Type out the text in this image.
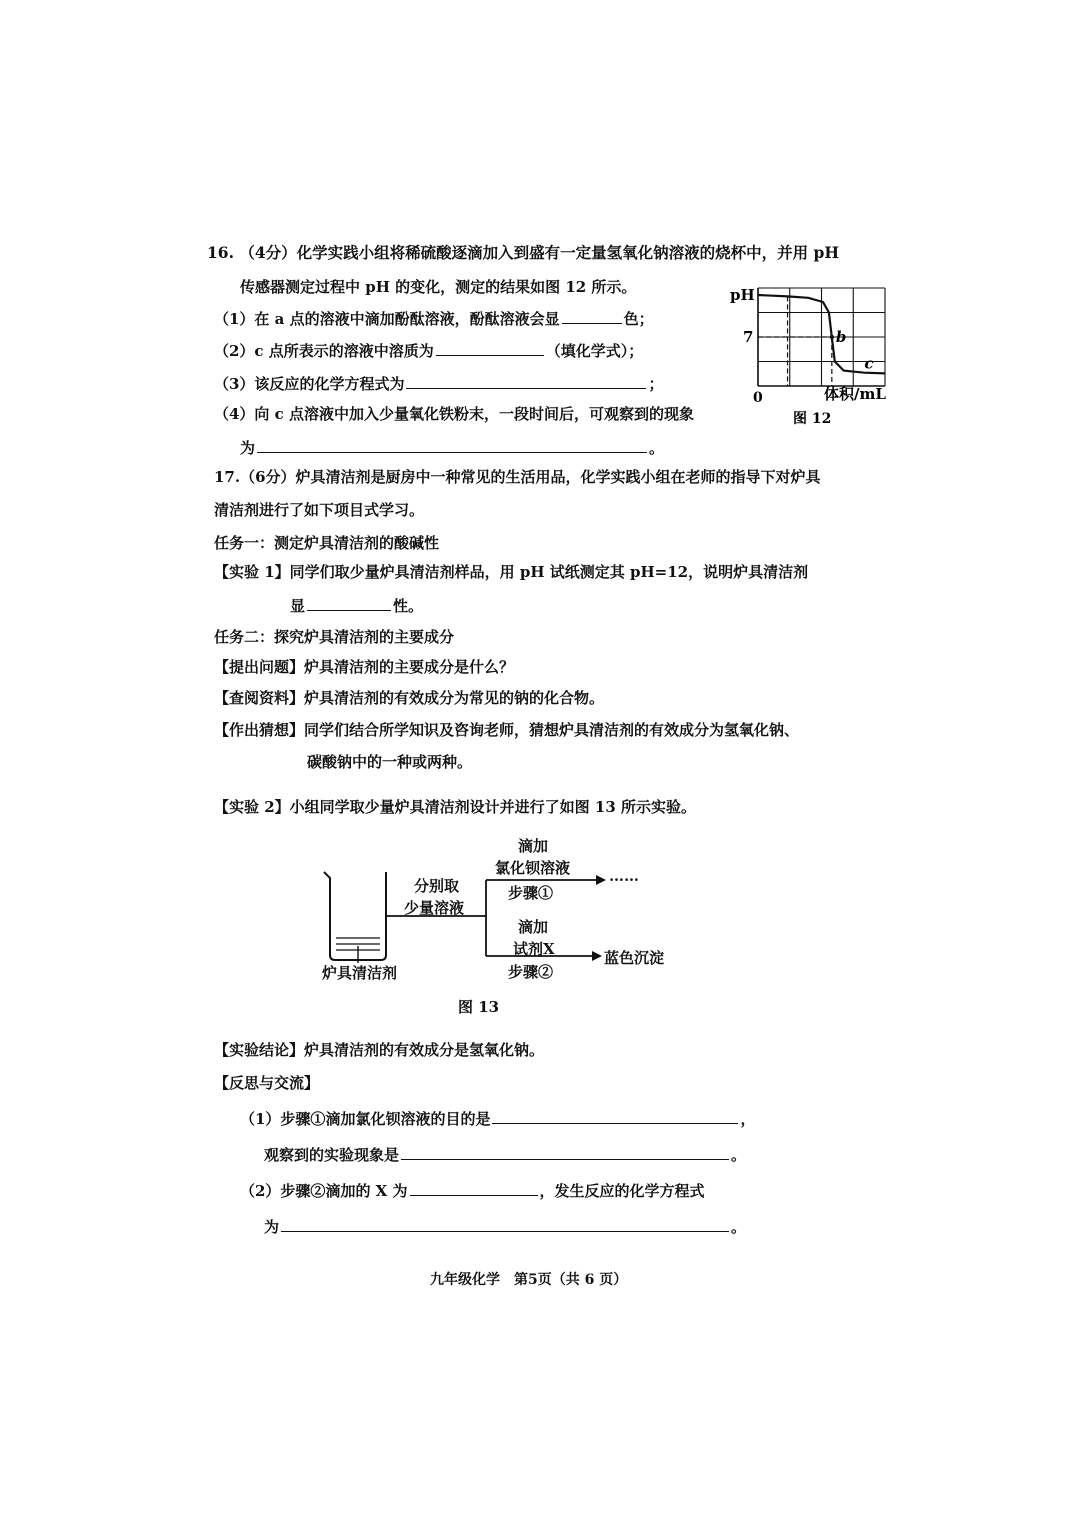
16. （4分）化学实践小组将稀硫酸逐滴加入到盛有一定量氢氧化钠溶液的烧杯中，并用 pH
传感器测定过程中 pH 的变化，测定的结果如图 12 所示。
（1）在 a 点的溶液中滴加酚酞溶液，酚酞溶液会显	色；
（2）c 点所表示的溶液中溶质为	（填化学式）；
（3）该反应的化学方程式为	；
（4）向 c 点溶液中加入少量氧化铁粉末，一段时间后，可观察到的现象
为	。
pH
7
0	体积/mL
b
c
图 12
17.（6分）炉具清洁剂是厨房中一种常见的生活用品，化学实践小组在老师的指导下对炉具
清洁剂进行了如下项目式学习。
任务一：测定炉具清洁剂的酸碱性
【实验 1】同学们取少量炉具清洁剂样品，用 pH 试纸测定其 pH=12，说明炉具清洁剂
显	性。
任务二：探究炉具清洁剂的主要成分
【提出问题】炉具清洁剂的主要成分是什么？
【查阅资料】炉具清洁剂的有效成分为常见的钠的化合物。
【作出猜想】同学们结合所学知识及咨询老师，猜想炉具清洁剂的有效成分为氢氧化钠、
碳酸钠中的一种或两种。
【实验 2】小组同学取少量炉具清洁剂设计并进行了如图 13 所示实验。
分别取
少量溶液
滴加
氯化钡溶液
步骤①
……
滴加
试剂X
步骤②
蓝色沉淀
炉具清洁剂
图 13
【实验结论】炉具清洁剂的有效成分是氢氧化钠。
【反思与交流】
（1）步骤①滴加氯化钡溶液的目的是	，
观察到的实验现象是	。
（2）步骤②滴加的 X 为	，发生反应的化学方程式
为	。
九年级化学　第5页（共 6 页）
